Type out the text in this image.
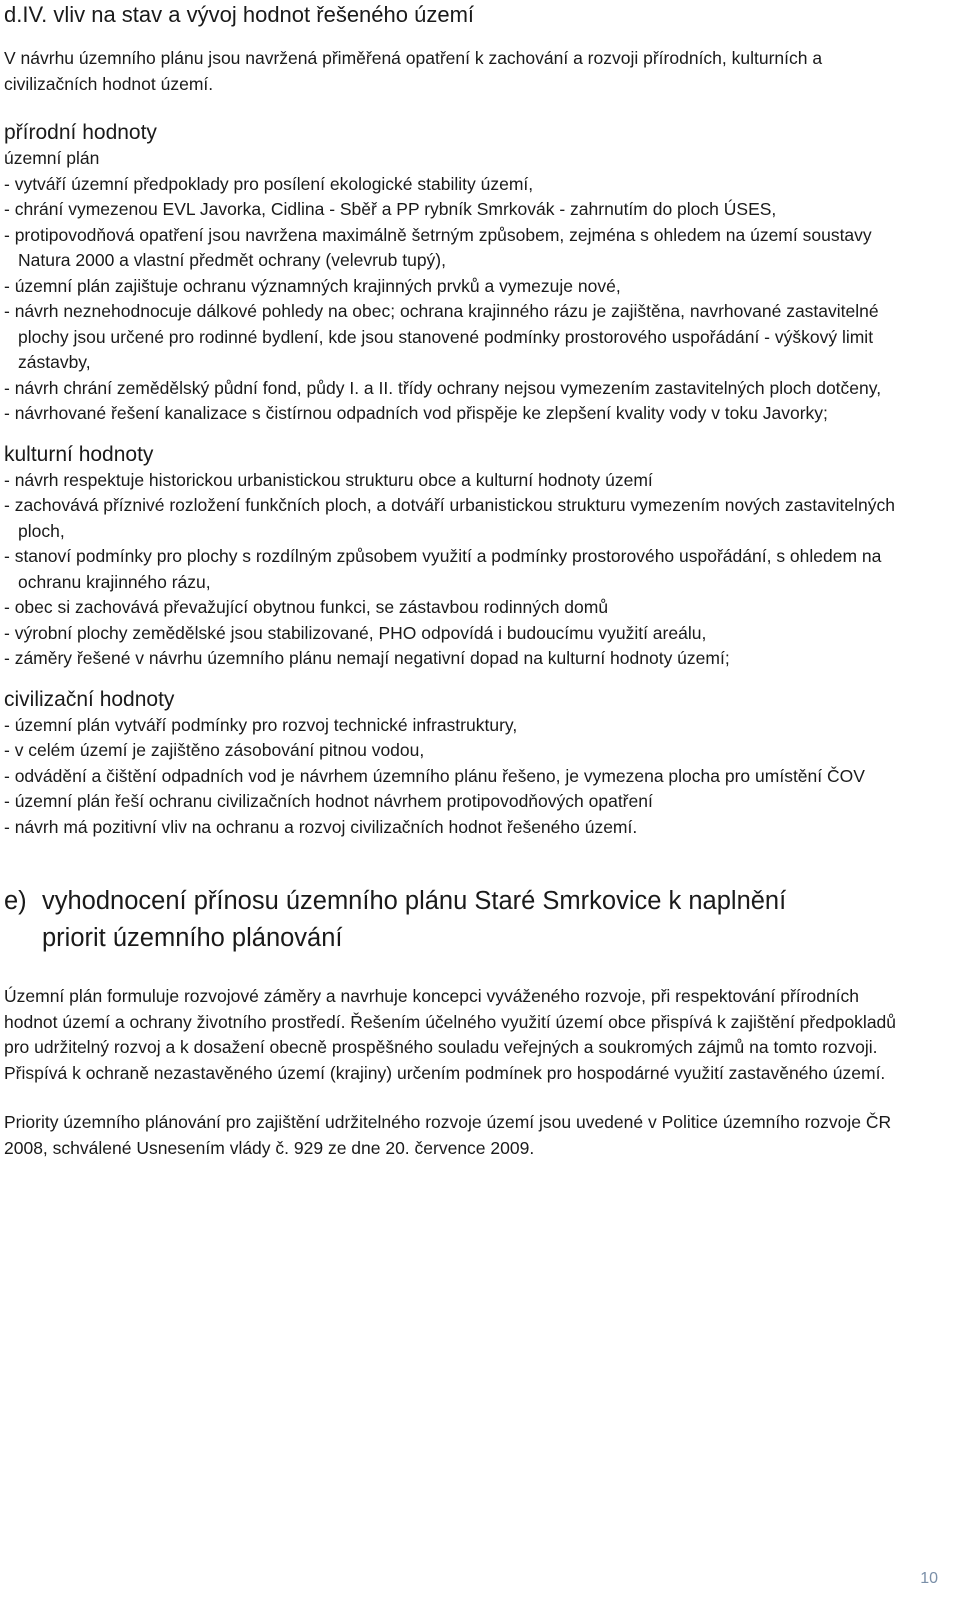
d.IV. vliv na stav a vývoj hodnot řešeného území

V návrhu územního plánu jsou navržená přiměřená opatření k zachování a rozvoji přírodních, kulturních a civilizačních hodnot území.

přírodní hodnoty

územní plán

- vytváří územní předpoklady pro posílení ekologické stability území,
- chrání vymezenou EVL Javorka, Cidlina - Sběř a PP rybník Smrkovák - zahrnutím do ploch ÚSES,
- protipovodňová opatření jsou navržena maximálně šetrným způsobem, zejména s ohledem na území soustavy Natura 2000 a vlastní předmět ochrany (velevrub tupý),
- územní plán zajištuje ochranu významných krajinných prvků a vymezuje nové,
- návrh neznehodnocuje dálkové pohledy na obec; ochrana krajinného rázu je zajištěna, navrhované zastavitelné plochy jsou určené pro rodinné bydlení, kde jsou stanovené podmínky prostorového uspořádání - výškový limit zástavby,
- návrh chrání zemědělský půdní fond, půdy I. a II. třídy ochrany nejsou vymezením zastavitelných ploch dotčeny,
- návrhované řešení kanalizace s čistírnou odpadních vod přispěje ke zlepšení kvality vody v toku Javorky;
kulturní hodnoty
- návrh respektuje historickou urbanistickou strukturu obce a kulturní hodnoty území
- zachovává příznivé rozložení funkčních ploch, a dotváří urbanistickou strukturu vymezením nových zastavitelných ploch,
- stanoví podmínky pro plochy s rozdílným způsobem využití a podmínky prostorového uspořádání, s ohledem na ochranu krajinného rázu,
- obec si zachovává převažující obytnou funkci, se zástavbou rodinných domů
- výrobní plochy zemědělské jsou stabilizované, PHO odpovídá i budoucímu využití areálu,
- záměry řešené v návrhu územního plánu nemají negativní dopad na kulturní hodnoty území;
civilizační hodnoty
- územní plán vytváří podmínky pro rozvoj technické infrastruktury,
- v celém území je zajištěno zásobování pitnou vodou,
- odvádění a čištění odpadních vod je návrhem územního plánu řešeno, je vymezena plocha pro umístění ČOV
- územní plán řeší ochranu civilizačních hodnot návrhem protipovodňových opatření
- návrh má pozitivní vliv na ochranu a rozvoj civilizačních hodnot řešeného území.
e) vyhodnocení přínosu územního plánu Staré Smrkovice k naplnění priorit územního plánování

Územní plán formuluje rozvojové záměry a navrhuje koncepci vyváženého rozvoje, při respektování přírodních hodnot území a ochrany životního prostředí. Řešením účelného využití území obce přispívá k zajištění předpokladů pro udržitelný rozvoj a k dosažení obecně prospěšného souladu veřejných a soukromých zájmů na tomto rozvoji. Přispívá k ochraně nezastavěného území (krajiny) určením podmínek pro hospodárné využití zastavěného území.

Priority územního plánování pro zajištění udržitelného rozvoje území jsou uvedené v Politice územního rozvoje ČR 2008, schválené Usnesením vlády č. 929 ze dne 20. července 2009.

10
